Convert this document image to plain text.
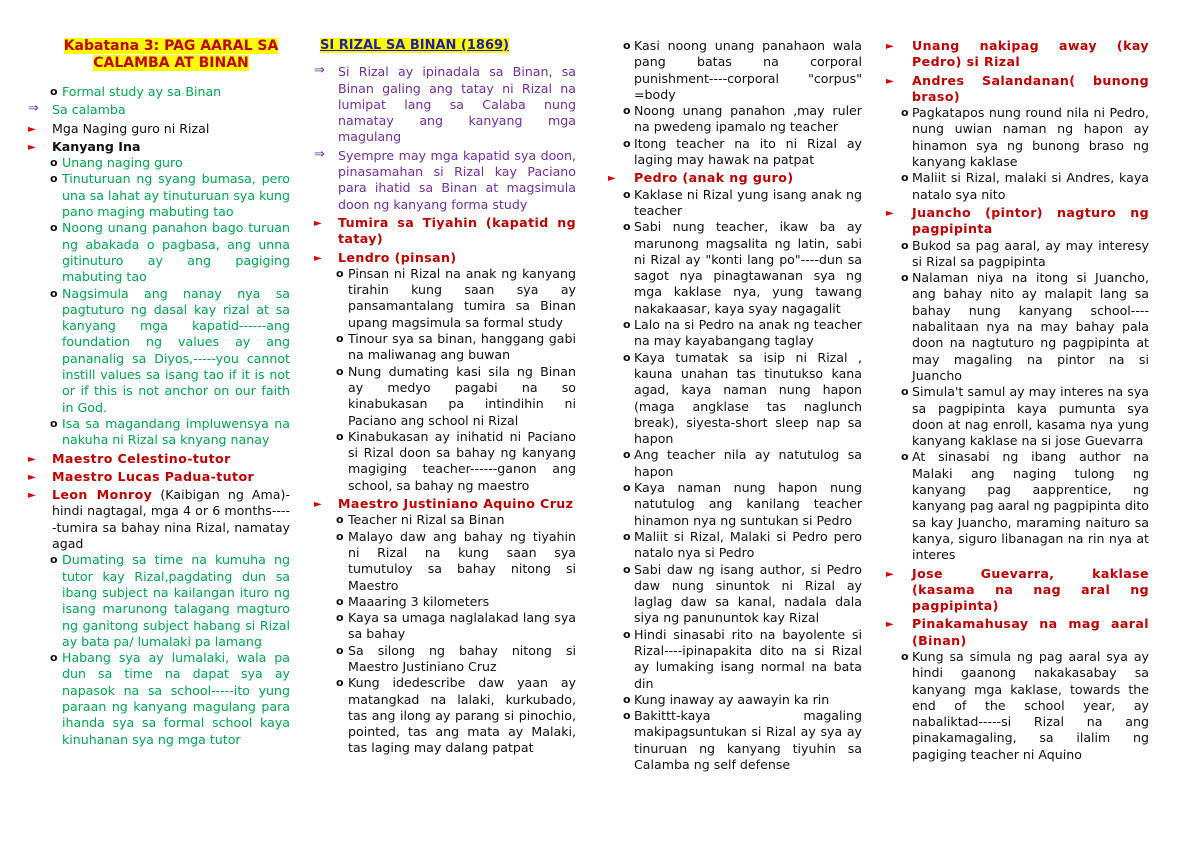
Kabatana 3: PAG AARAL SA CALAMBA AT BINAN
o Formal study ay sa Binan
⇒ Sa calamba
► Mga Naging guro ni Rizal
► Kanyang Ina
o Unang naging guro
o Tinuturuan ng syang bumasa, pero una sa lahat ay tinuturuan sya kung pano maging mabuting tao
o Noong unang panahon bago turuan ng abakada o pagbasa, ang unna gitinuturo ay ang pagiging mabuting tao
o Nagsimula ang nanay nya sa pagtuturo ng dasal kay rizal at sa kanyang mga kapatid------ang foundation ng values ay ang pananalig sa Diyos,-----you cannot instill values sa isang tao if it is not or if this is not anchor on our faith in God.
o Isa sa magandang impluwensya na nakuha ni Rizal sa knyang nanay
► Maestro Celestino-tutor
► Maestro Lucas Padua-tutor
► Leon Monroy (Kaibigan ng Ama)- hindi nagtagal, mga 4 or 6 months-----tumira sa bahay nina Rizal, namatay agad
o Dumating sa time na kumuha ng tutor kay Rizal,pagdating dun sa ibang subject na kailangan ituro ng isang marunong talagang magturo ng ganitong subject habang si Rizal ay bata pa/ lumalaki pa lamang
o Habang sya ay lumalaki, wala pa dun sa time na dapat sya ay napasok na sa school-----ito yung paraan ng kanyang magulang para ihanda sya sa formal school kaya kinuhanan sya ng mga tutor
SI RIZAL SA BINAN (1869)
⇒ Si Rizal ay ipinadala sa Binan, sa Binan galing ang tatay ni Rizal na lumipat lang sa Calaba nung namatay ang kanyang mga magulang
⇒ Syempre may mga kapatid sya doon, pinasamahan si Rizal kay Paciano para ihatid sa Binan at magsimula doon ng kanyang forma study
► Tumira sa Tiyahin (kapatid ng tatay)
► Lendro (pinsan)
o Pinsan ni Rizal na anak ng kanyang tirahin kung saan sya ay pansamantalang tumira sa Binan upang magsimula sa formal study
o Tinour sya sa binan, hanggang gabi na maliwanag ang buwan
o Nung dumating kasi sila ng Binan ay medyo pagabi na so kinabukasan pa intindihin ni Paciano ang school ni Rizal
o Kinabukasan ay inihatid ni Paciano si Rizal doon sa bahay ng kanyang magiging teacher------ganon ang school, sa bahay ng maestro
► Maestro Justiniano Aquino Cruz
o Teacher ni Rizal sa Binan
o Malayo daw ang bahay ng tiyahin ni Rizal na kung saan sya tumutuloy sa bahay nitong si Maestro
o Maaaring 3 kilometers
o Kaya sa umaga naglalakad lang sya sa bahay
o Sa silong ng bahay nitong si Maestro Justiniano Cruz
o Kung idedescribe daw yaan ay matangkad na lalaki, kurkubado, tas ang ilong ay parang si pinochio, pointed, tas ang mata ay Malaki, tas laging may dalang patpat
o Kasi noong unang panahaon wala pang batas na corporal punishment----corporal "corpus" =body
o Noong unang panahon ,may ruler na pwedeng ipamalo ng teacher
o Itong teacher na ito ni Rizal ay laging may hawak na patpat
► Pedro (anak ng guro)
o Kaklase ni Rizal yung isang anak ng teacher
o Sabi nung teacher, ikaw ba ay marunong magsalita ng latin, sabi ni Rizal ay "konti lang po"----dun sa sagot nya pinagtawanan sya ng mga kaklase nya, yung tawang nakakaasar, kaya syay nagagalit
o Lalo na si Pedro na anak ng teacher na may kayabangang taglay
o Kaya tumatak sa isip ni Rizal , kauna unahan tas tinutukso kana agad, kaya naman nung hapon (maga angklase tas naglunch break), siyesta-short sleep nap sa hapon
o Ang teacher nila ay natutulog sa hapon
o Kaya naman nung hapon nung natutulog ang kanilang teacher hinamon nya ng suntukan si Pedro
o Maliit si Rizal, Malaki si Pedro pero natalo nya si Pedro
o Sabi daw ng isang author, si Pedro daw nung sinuntok ni Rizal ay laglag daw sa kanal, nadala dala siya ng panununtok kay Rizal
o Hindi sinasabi rito na bayolente si Rizal----ipinapakita dito na si Rizal ay lumaking isang normal na bata din
o Kung inaway ay aawayin ka rin
o Bakittt-kaya magaling makipagsuntukan si Rizal ay sya ay tinuruan ng kanyang tiyuhin sa Calamba ng self defense
► Unang nakipag away (kay Pedro) si Rizal
► Andres Salandanan( bunong braso)
o Pagkatapos nung round nila ni Pedro, nung uwian naman ng hapon ay hinamon sya ng bunong braso ng kanyang kaklase
o Maliit si Rizal, malaki si Andres, kaya natalo sya nito
► Juancho (pintor) nagturo ng pagpipinta
o Bukod sa pag aaral, ay may interesy si Rizal sa pagpipinta
o Nalaman niya na itong si Juancho, ang bahay nito ay malapit lang sa bahay nung kanyang school----nabalitaan nya na may bahay pala doon na nagtuturo ng pagpipinta at may magaling na pintor na si Juancho
o Simula't samul ay may interes na sya sa pagpipinta kaya pumunta sya doon at nag enroll, kasama nya yung kanyang kaklase na si jose Guevarra
o At sinasabi ng ibang author na Malaki ang naging tulong ng kanyang pag aapprentice, ng kanyang pag aaral ng pagpipinta dito sa kay Juancho, maraming naituro sa kanya, siguro libanagan na rin nya at interes
► Jose Guevarra, kaklase (kasama na nag aral ng pagpipinta)
► Pinakamahusay na mag aaral (Binan)
o Kung sa simula ng pag aaral sya ay hindi gaanong nakakasabay sa kanyang mga kaklase, towards the end of the school year, ay nabaliktad-----si Rizal na ang pinakamagaling, sa ilalim ng pagiging teacher ni Aquino
